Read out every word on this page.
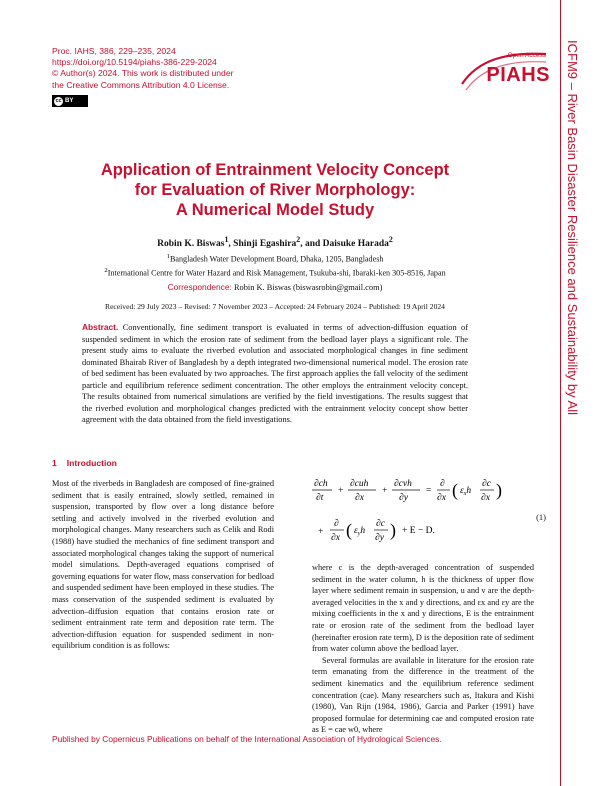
Proc. IAHS, 386, 229–235, 2024
https://doi.org/10.5194/piahs-386-229-2024
© Author(s) 2024. This work is distributed under
the Creative Commons Attribution 4.0 License.
cc BY
Open Access
PIAHS ICFM9 – River Basin Disaster Resilience and Sustainability by All
Application of Entrainment Velocity Concept
for Evaluation of River Morphology:
A Numerical Model Study
Robin K. Biswas$^1$, Shinji Egashira$^2$, and Daisuke Harada$^2$
$^1$Bangladesh Water Development Board, Dhaka, 1205, Bangladesh
$^2$International Centre for Water Hazard and Risk Management, Tsukuba-shi, Ibaraki-ken 305-8516, Japan
Correspondence: Robin K. Biswas (biswasrobin@gmail.com)
Received: 29 July 2023 – Revised: 7 November 2023 – Accepted: 24 February 2024 – Published: 19 April 2024
Abstract. Conventionally, fine sediment transport is evaluated in terms of advection-diffusion equation of suspended sediment in which the erosion rate of sediment from the bedload layer plays a significant role. The present study aims to evaluate the riverbed evolution and associated morphological changes in fine sediment dominated Bhairab River of Bangladesh by a depth integrated two-dimensional numerical model. The erosion rate of bed sediment has been evaluated by two approaches. The first approach applies the fall velocity of the sediment particle and equilibrium reference sediment concentration. The other employs the entrainment velocity concept. The results obtained from numerical simulations are verified by the field investigations. The results suggest that the riverbed evolution and morphological changes predicted with the entrainment velocity concept show better agreement with the data obtained from the field investigations.
1 Introduction

Most of the riverbeds in Bangladesh are composed of fine-grained sediment that is easily entrained, slowly settled, remained in suspension, transported by flow over a long distance before settling and actively involved in the riverbed evolution and morphological changes. Many researchers such as Celik and Rodi (1988) have studied the mechanics of fine sediment transport and associated morphological changes taking the support of numerical model simulations. Depth-averaged equations comprised of governing equations for water flow, mass conservation for bedload and suspended sediment have been employed in these studies. The mass conservation of the suspended sediment is evaluated by advection–diffusion equation that contains erosion rate or sediment entrainment rate term and deposition rate term. The advection-diffusion equation for suspended sediment in non-equilibrium condition is as follows:

∂ch
∂t
+
∂cuh
∂x
+
∂cvh
∂y
=
∂
∂x ( $\varepsilon_xh$
∂c
∂x )
+
∂
∂x ( $\varepsilon_yh$
∂c
∂y ) + E − D.
(1)

where c is the depth-averaged concentration of suspended sediment in the water column, h is the thickness of upper flow layer where sediment remain in suspension, u and v are the depth-averaged velocities in the x and y directions, and εx and εy are the mixing coefficients in the x and y directions, E is the entrainment rate or erosion rate of the sediment from the bedload layer (hereinafter erosion rate term), D is the deposition rate of sediment from water column above the bedload layer.

Several formulas are available in literature for the erosion rate term emanating from the difference in the treatment of the sediment kinematics and the equilibrium reference sediment concentration (cae). Many researchers such as, Itakura and Kishi (1980), Van Rijn (1984, 1986), Garcia and Parker (1991) have proposed formulae for determining cae and computed erosion rate as E = cae w0, where

Published by Copernicus Publications on behalf of the International Association of Hydrological Sciences.
